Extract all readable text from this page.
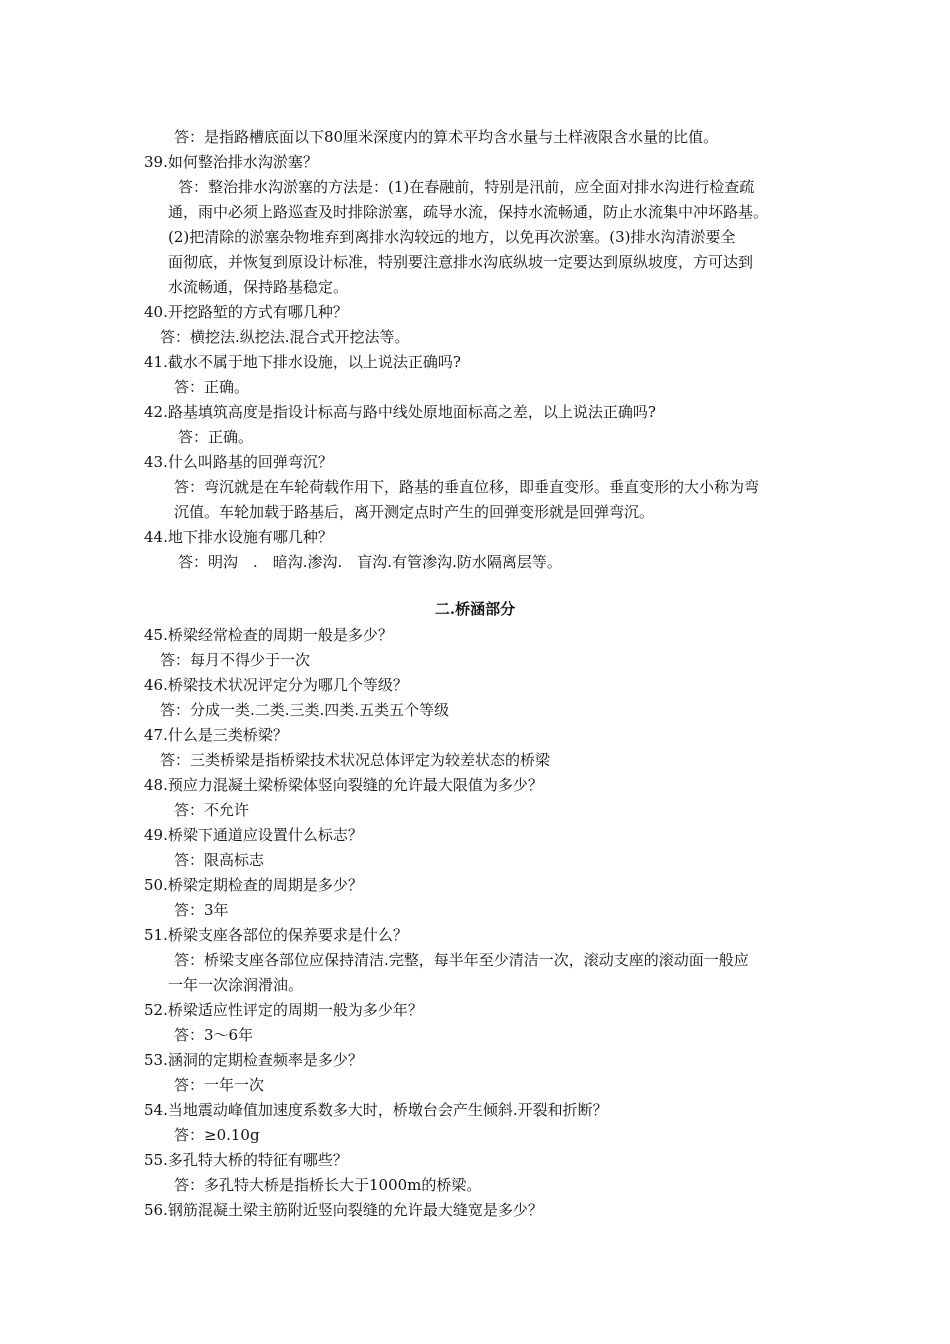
答：是指路槽底面以下80厘米深度内的算术平均含水量与土样液限含水量的比值。
39.如何整治排水沟淤塞？
答：整治排水沟淤塞的方法是：(1)在春融前，特别是汛前，应全面对排水沟进行检查疏
通，雨中必须上路巡查及时排除淤塞，疏导水流，保持水流畅通，防止水流集中冲坏路基。
(2)把清除的淤塞杂物堆弃到离排水沟较远的地方，以免再次淤塞。(3)排水沟清淤要全
面彻底，并恢复到原设计标准，特别要注意排水沟底纵坡一定要达到原纵坡度，方可达到
水流畅通，保持路基稳定。
40.开挖路堑的方式有哪几种？
答：横挖法.纵挖法.混合式开挖法等。
41.截水不属于地下排水设施，以上说法正确吗?
答：正确。
42.路基填筑高度是指设计标高与路中线处原地面标高之差，以上说法正确吗?
答：正确。
43.什么叫路基的回弹弯沉？
答：弯沉就是在车轮荷载作用下，路基的垂直位移，即垂直变形。垂直变形的大小称为弯
沉值。车轮加载于路基后，离开测定点时产生的回弹变形就是回弹弯沉。
44.地下排水设施有哪几种？
答：明沟　.　暗沟.渗沟.　盲沟.有管渗沟.防水隔离层等。
二.桥涵部分
45.桥梁经常检查的周期一般是多少？
答：每月不得少于一次
46.桥梁技术状况评定分为哪几个等级？
答：分成一类.二类.三类.四类.五类五个等级
47.什么是三类桥梁？
答：三类桥梁是指桥梁技术状况总体评定为较差状态的桥梁
48.预应力混凝土梁桥梁体竖向裂缝的允许最大限值为多少？
答：不允许
49.桥梁下通道应设置什么标志？
答：限高标志
50.桥梁定期检查的周期是多少？
答：3年
51.桥梁支座各部位的保养要求是什么？
答：桥梁支座各部位应保持清洁.完整，每半年至少清洁一次，滚动支座的滚动面一般应
一年一次涂润滑油。
52.桥梁适应性评定的周期一般为多少年？
答：3～6年
53.涵洞的定期检查频率是多少？
答：一年一次
54.当地震动峰值加速度系数多大时，桥墩台会产生倾斜.开裂和折断？
答：≥0.10g
55.多孔特大桥的特征有哪些？
答：多孔特大桥是指桥长大于1000m的桥梁。
56.钢筋混凝土梁主筋附近竖向裂缝的允许最大缝宽是多少？
